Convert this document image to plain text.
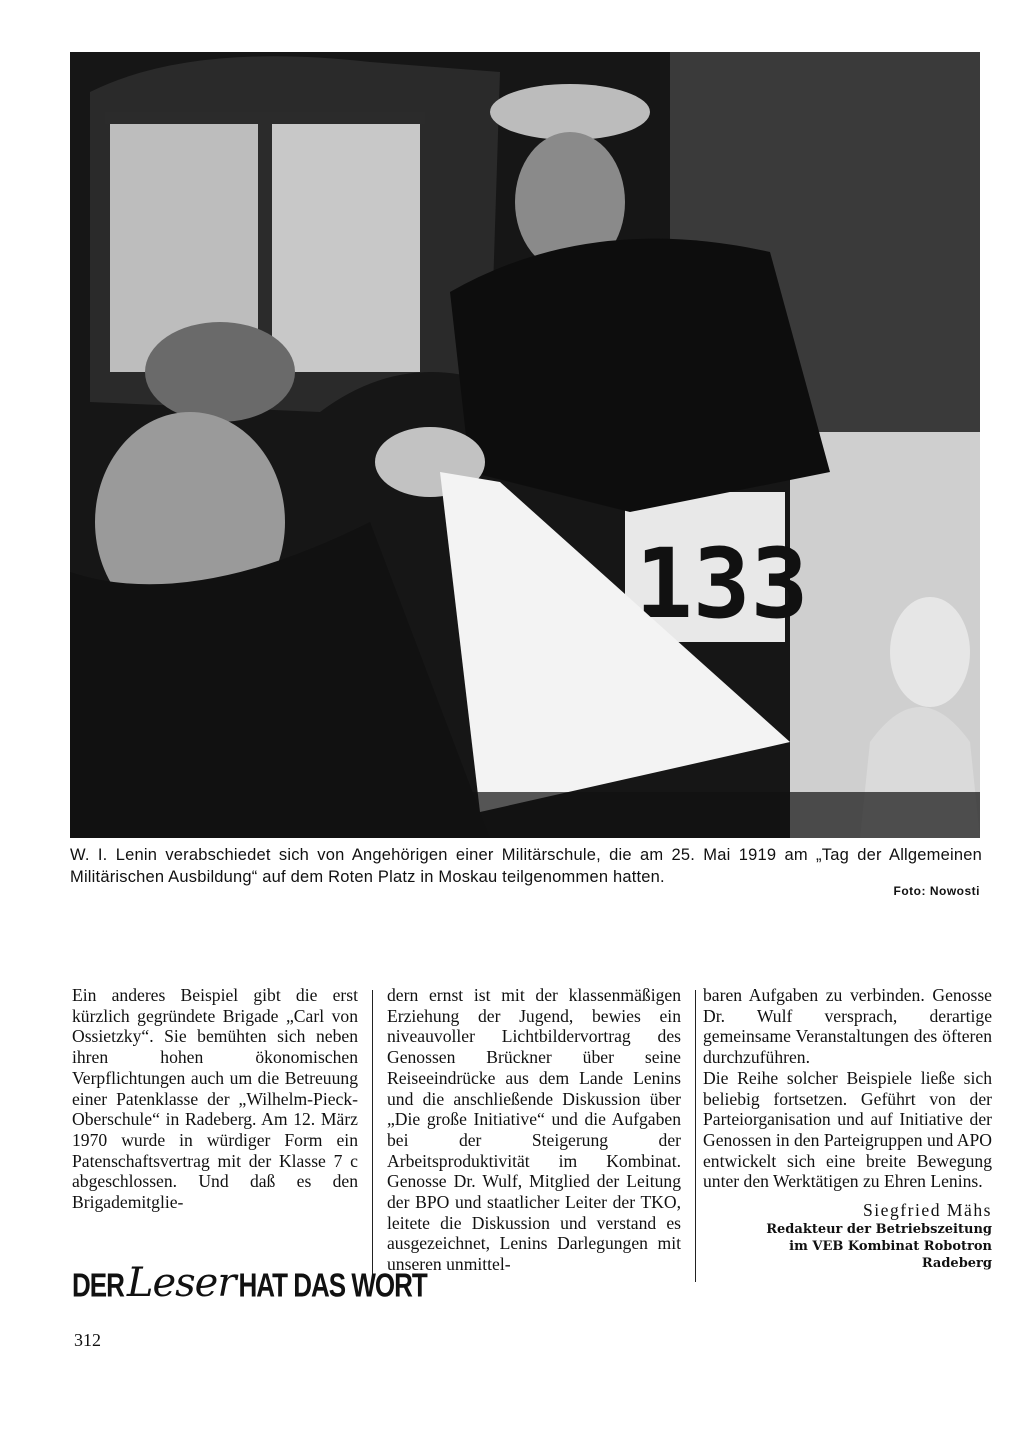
133
W. I. Lenin verabschiedet sich von Angehörigen einer Militärschule, die am 25. Mai 1919 am „Tag der Allgemeinen Militärischen Ausbildung“ auf dem Roten Platz in Moskau teilgenommen hatten.
Foto: Nowosti

Ein anderes Beispiel gibt die erst kürzlich gegründete Brigade „Carl von Ossietzky“. Sie bemühten sich neben ihren hohen ökonomischen Verpflichtungen auch um die Betreuung einer Patenklasse der „Wilhelm-Pieck-Oberschule“ in Radeberg. Am 12. März 1970 wurde in würdiger Form ein Patenschaftsvertrag mit der Klasse 7 c abgeschlossen. Und daß es den Brigademitglie-

dern ernst ist mit der klassenmäßigen Erziehung der Jugend, bewies ein niveauvoller Lichtbildervortrag des Genossen Brückner über seine Reiseeindrücke aus dem Lande Lenins und die anschließende Diskussion über „Die große Initiative“ und die Aufgaben bei der Steigerung der Arbeitsproduktivität im Kombinat. Genosse Dr. Wulf, Mitglied der Leitung der BPO und staatlicher Leiter der TKO, leitete die Diskussion und verstand es ausgezeichnet, Lenins Darlegungen mit unseren unmittel-

baren Aufgaben zu verbinden. Genosse Dr. Wulf versprach, derartige gemeinsame Veranstaltungen des öfteren durchzuführen.

Die Reihe solcher Beispiele ließe sich beliebig fortsetzen. Geführt von der Parteiorganisation und auf Initiative der Genossen in den Parteigruppen und APO entwickelt sich eine breite Bewegung unter den Werktätigen zu Ehren Lenins.

Siegfried Mähs

Redakteur der Betriebszeitung

im VEB Kombinat Robotron

Radeberg

DER Leser HAT DAS WORT
312
